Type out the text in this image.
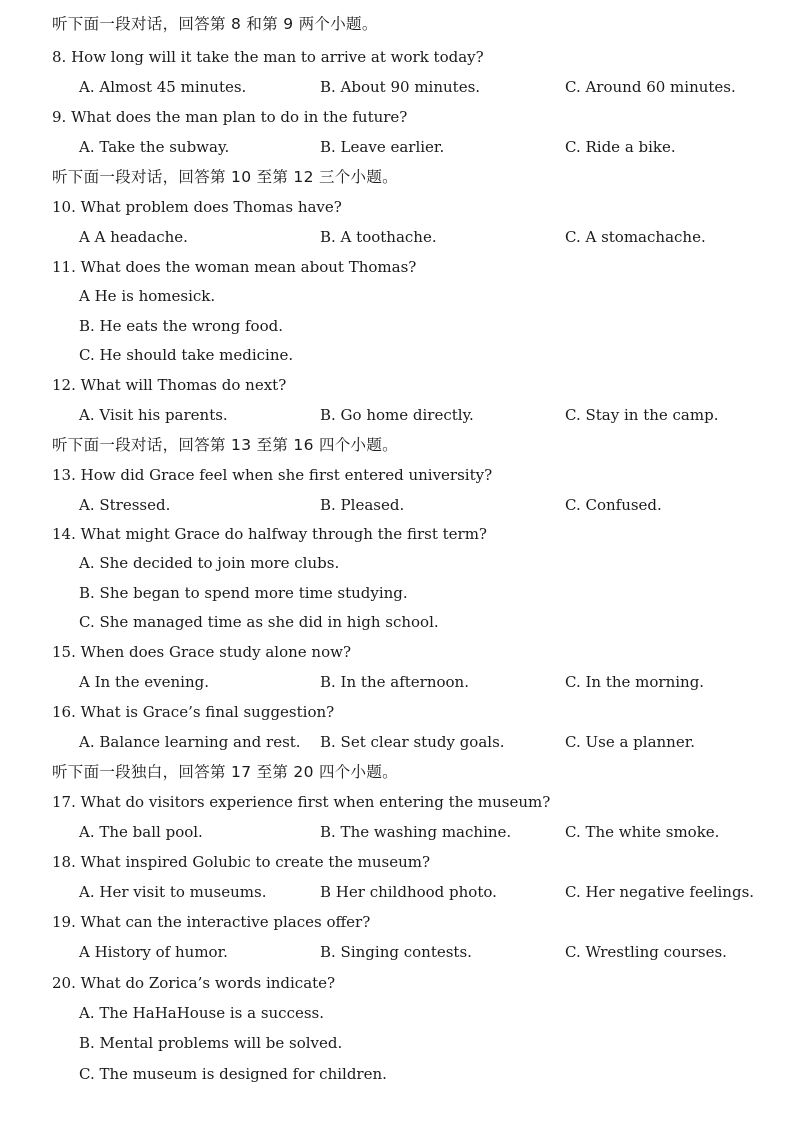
听下面一段对话，回答第 8 和第 9 两个小题。
8. How long will it take the man to arrive at work today?
A. Almost 45 minutes.	B. About 90 minutes.	C. Around 60 minutes.
9. What does the man plan to do in the future?
A. Take the subway.	B. Leave earlier.	C. Ride a bike.
听下面一段对话，回答第 10 至第 12 三个小题。
10. What problem does Thomas have?
A A headache.	B. A toothache.	C. A stomachache.
11. What does the woman mean about Thomas?
A He is homesick.
B. He eats the wrong food.
C. He should take medicine.
12. What will Thomas do next?
A. Visit his parents.	B. Go home directly.	C. Stay in the camp.
听下面一段对话，回答第 13 至第 16 四个小题。
13. How did Grace feel when she first entered university?
A. Stressed.	B. Pleased.	C. Confused.
14. What might Grace do halfway through the first term?
A. She decided to join more clubs.
B. She began to spend more time studying.
C. She managed time as she did in high school.
15. When does Grace study alone now?
A In the evening.	B. In the afternoon.	C. In the morning.
16. What is Grace’s final suggestion?
A. Balance learning and rest. B. Set clear study goals.	C. Use a planner.
听下面一段独白，回答第 17 至第 20 四个小题。
17. What do visitors experience first when entering the museum?
A. The ball pool.	B. The washing machine.	C. The white smoke.
18. What inspired Golubic to create the museum?
A. Her visit to museums.	B Her childhood photo.	C. Her negative feelings.
19. What can the interactive places offer?
A History of humor.	B. Singing contests.	C. Wrestling courses.
20. What do Zorica’s words indicate?
A. The HaHaHouse is a success.
B. Mental problems will be solved.
C. The museum is designed for children.
